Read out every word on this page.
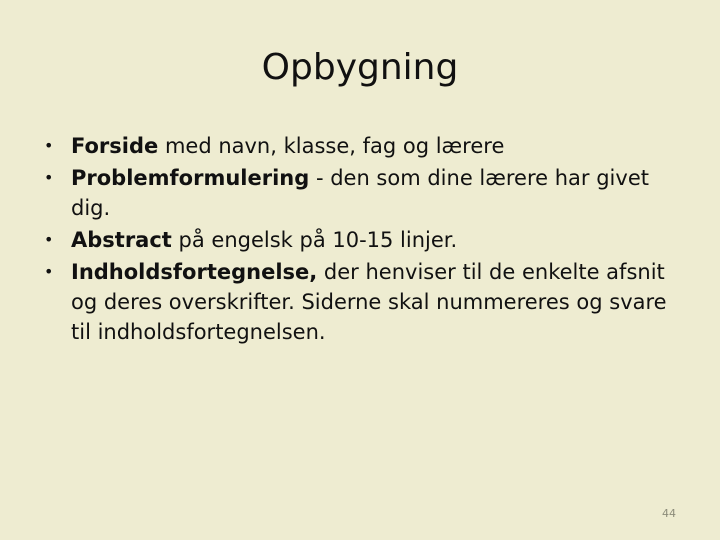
Opbygning
• Forside med navn, klasse, fag og lærere
• Problemformulering - den som dine lærere har givet dig.
• Abstract på engelsk på 10-15 linjer.
• Indholdsfortegnelse, der henviser til de enkelte afsnit og deres overskrifter. Siderne skal nummereres og svare til indholdsfortegnelsen.
44
